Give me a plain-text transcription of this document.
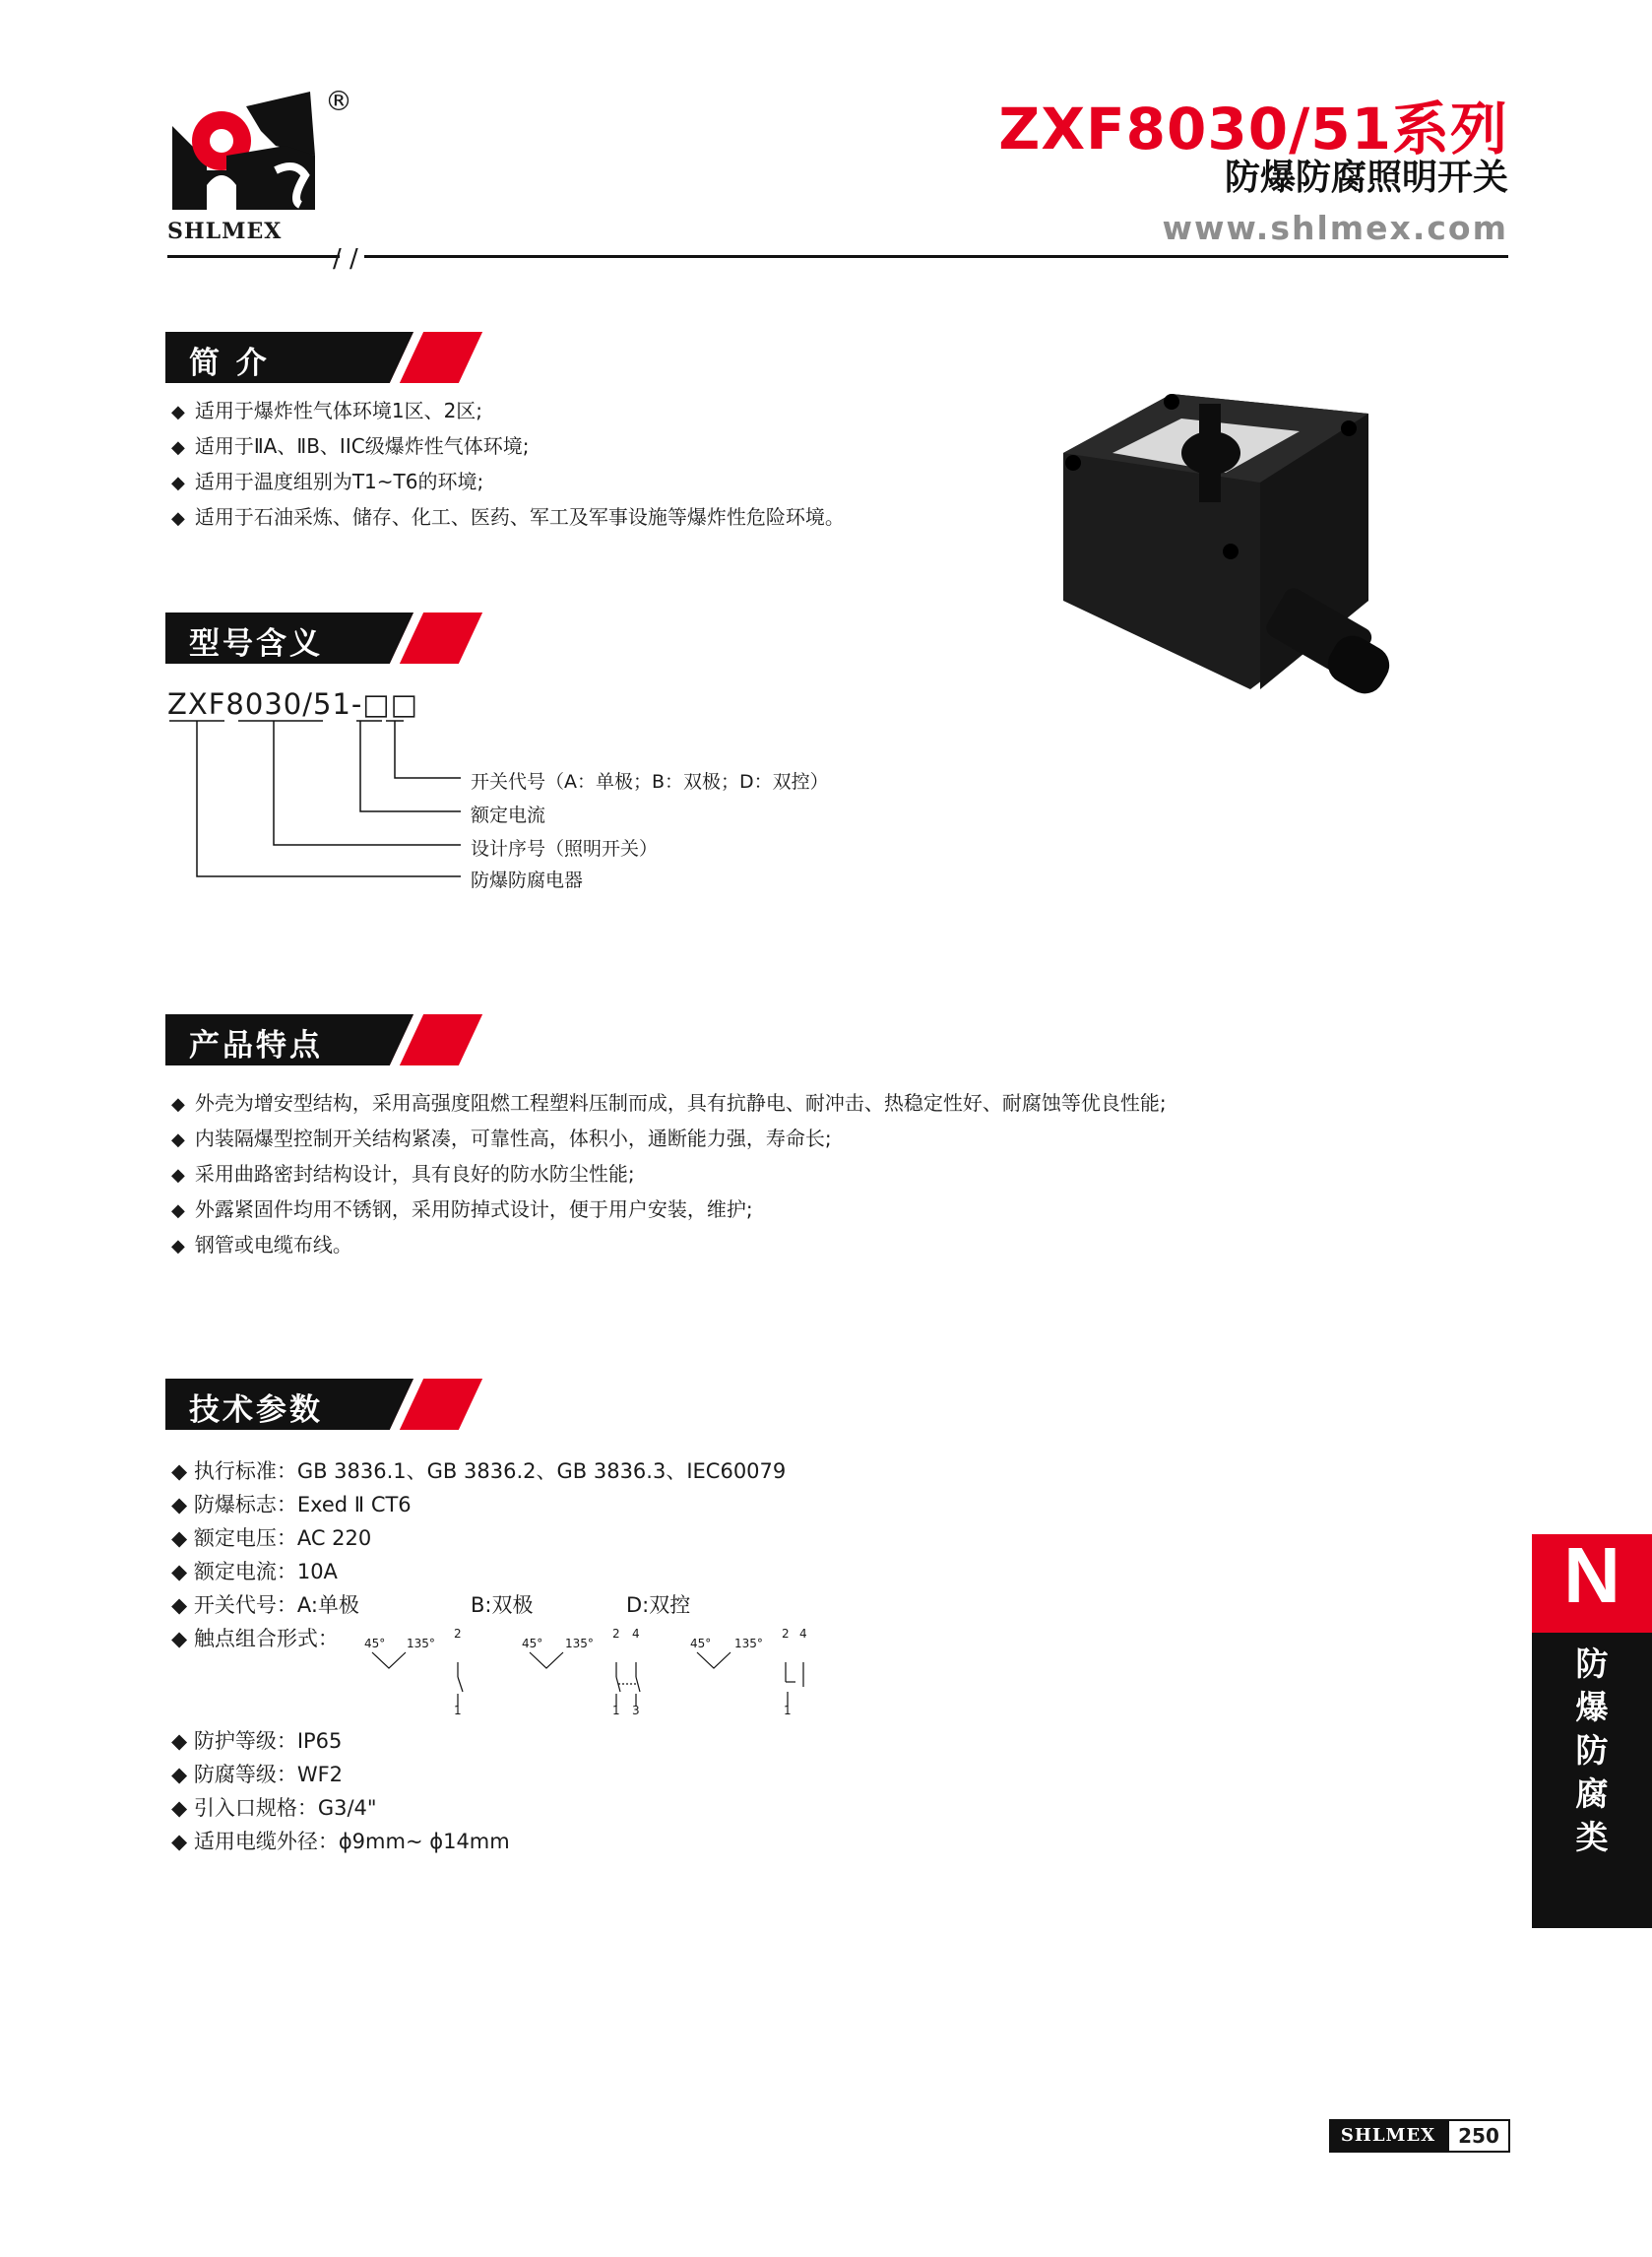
SHLMEX
®	ZXF8030/51系列
防爆防腐照明开关
www.shlmex.com
/ /
简 介
◆ 适用于爆炸性气体环境1区、2区;
◆ 适用于ⅡA、ⅡB、IIC级爆炸性气体环境;
◆ 适用于温度组别为T1~T6的环境;
◆ 适用于石油采炼、储存、化工、医药、军工及军事设施等爆炸性危险环境。
型号含义
ZXF8030/51-□□
开关代号（A：单极；B：双极；D：双控）
额定电流
设计序号（照明开关）
防爆防腐电器
产品特点
◆ 外壳为增安型结构，采用高强度阻燃工程塑料压制而成，具有抗静电、耐冲击、热稳定性好、耐腐蚀等优良性能;
◆ 内装隔爆型控制开关结构紧凑，可靠性高，体积小，通断能力强，寿命长;
◆ 采用曲路密封结构设计，具有良好的防水防尘性能;
◆ 外露紧固件均用不锈钢，采用防掉式设计，便于用户安装，维护;
◆ 钢管或电缆布线。
技术参数
◆ 执行标准：GB 3836.1、GB 3836.2、GB 3836.3、IEC60079
◆ 防爆标志：Exed Ⅱ CT6
◆ 额定电压：AC 220
◆ 额定电流：10A
◆ 开关代号：A:单极	B:双极	D:双控
◆ 触点组合形式： 45° 135°
2
1
45° 135°
2 4
1 3
45° 135°
2 4
1
◆ 防护等级：IP65
◆ 防腐等级：WF2
◆ 引入口规格：G3/4"
◆ 适用电缆外径：ϕ9mm~ ϕ14mm
N
防
爆
防
腐
类
SHLMEX	250
